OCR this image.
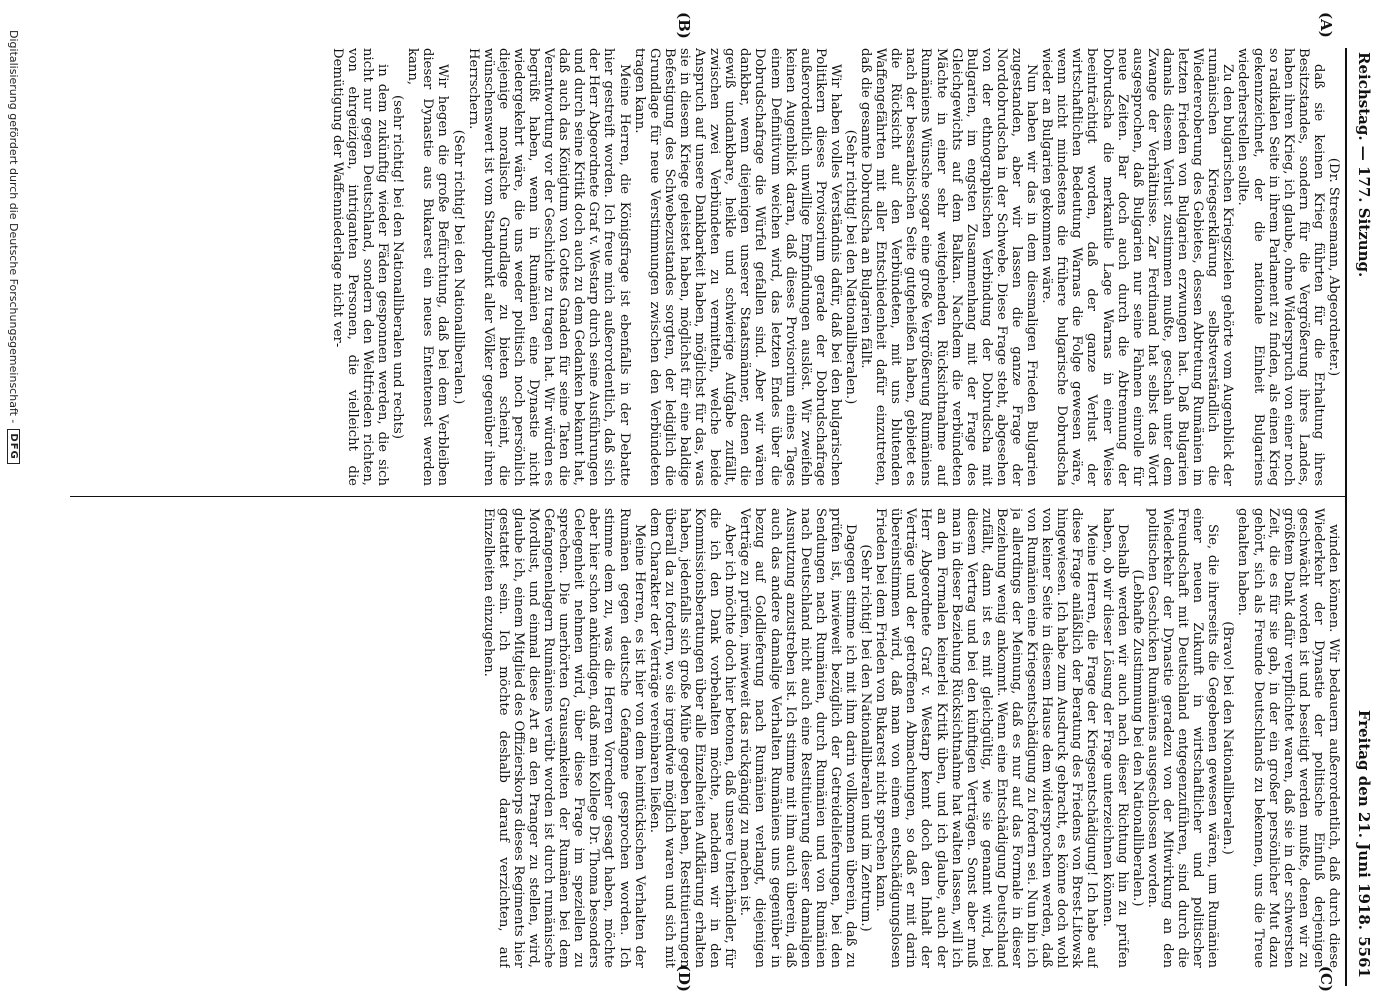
Reichstag. — 177. Sitzung.
Freitag den 21. Juni 1918.
5561
(A)
(B)
(C)
(D)

(Dr. Stresemann, Abgeordneter.)

daß sie keinen Krieg führten für die Erhaltung ihres Besitzstandes, sondern für die Vergrößerung ihres Landes, haben ihren Krieg, ich glaube, ohne Widerspruch von einer noch so radikalen Seite in ihrem Parlament zu finden, als einen Krieg gekennzeichnet, der die nationale Einheit Bulgariens wiederherstellen sollte.

Zu den bulgarischen Kriegszielen gehörte vom Augenblick der rumänischen Kriegserklärung selbstverständlich die Wiedereroberung des Gebietes, dessen Abtretung Rumänien im letzten Frieden von Bulgarien erzwungen hat. Daß Bulgarien damals diesem Verlust zustimmen mußte, geschah unter dem Zwange der Verhältnisse. Zar Ferdinand hat selbst das Wort ausgesprochen, daß Bulgarien nur seine Fahnen einrolle für neue Zeiten. Bar doch auch durch die Abtrennung der Dobrudscha die merkantile Lage Warnas in einer Weise beeinträchtigt worden, daß der ganze Verlust der wirtschaftlichen Bedeutung Warnas die Folge gewesen wäre, wenn nicht mindestens die frühere bulgarische Dobrudscha wieder an Bulgarien gekommen wäre.

Nun haben wir das in dem diesmaligen Frieden Bulgarien zugestanden, aber wir lassen die ganze Frage der Norddobrudscha in der Schwebe. Diese Frage steht, abgesehen von der ethnographischen Verbindung der Dobrudscha mit Bulgarien, im engsten Zusammenhang mit der Frage des Gleichgewichts auf dem Balkan. Nachdem die verbündeten Mächte in einer sehr weitgehenden Rücksichtnahme auf Rumäniens Wünsche sogar eine große Vergrößerung Rumäniens nach der bessarabischen Seite gutgeheißen haben, gebietet es die Rücksicht auf den Verbündeten, mit uns blutenden Waffengefährten mit aller Entschiedenheit dafür einzutreten, daß die gesamte Dobrudscha an Bulgarien fällt.

(Sehr richtig! bei den Nationalliberalen.)

Wir haben volles Verständnis dafür, daß bei den bulgarischen Politikern dieses Provisorium gerade der Dobrudschafrage außerordentlich unwillige Empfindungen auslöst. Wir zweifeln keinen Augenblick daran, daß dieses Provisorium eines Tages einem Definitivum weichen wird, das letzten Endes über die Dobrudschafrage die Würfel gefallen sind. Aber wir wären dankbar, wenn diejenigen unserer Staatsmänner, denen die gewiß undankbare, heikle und schwierige Aufgabe zufällt, zwischen zwei Verbündeten zu vermitteln, welche beide Anspruch auf unsere Dankbarkeit haben, möglichst für das, was sie in diesem Kriege geleistet haben, möglichst für eine baldige Befestigung des Schwebezustandes sorgten, der lediglich die Grundlage für neue Verstimmungen zwischen den Verbündeten tragen kann.

Meine Herren, die Königsfrage ist ebenfalls in der Debatte hier gestreift worden. Ich freue mich außerordentlich, daß sich der Herr Abgeordnete Graf v. Westarp durch seine Ausführungen und durch seine Kritik doch auch zu dem Gedanken bekannt hat, daß auch das Königtum von Gottes Gnaden für seine Taten die Verantwortung vor der Geschichte zu tragen hat. Wir würden es begrüßt haben, wenn in Rumänien eine Dynastie nicht wiedergekehrt wäre, die uns weder politisch noch persönlich diejenige moralische Grundlage zu bieten scheint, die wünschenswert ist vom Standpunkt aller Völker gegenüber ihren Herrschern.

(Sehr richtig! bei den Nationalliberalen.)

Wir hegen die große Befürchtung, daß bei dem Verbleiben dieser Dynastie aus Bukarest ein neues Ententenest werden kann,

(sehr richtig! bei den Nationalliberalen und rechts)

in dem zukünftig wieder Fäden gesponnen werden, die sich nicht nur gegen Deutschland, sondern den Weltfrieden richten, von ehrgeizigen, intriganten Personen, die vielleicht die Demütigung der Waffenniederlage nicht ver-

winden können. Wir bedauern außerordentlich, daß durch diese Wiederkehr der Dynastie der politische Einfluß derjenigen geschwächt worden ist und beseitigt werden mußte, denen wir zu größtem Dank dafür verpflichtet waren, daß sie in der schwersten Zeit, die es für sie gab, in der ein großer persönlicher Mut dazu gehört, sich als Freunde Deutschlands zu bekennen, uns die Treue gehalten haben.

(Bravo! bei den Nationalliberalen.)

Sie, die ihrerseits die Gegebenen gewesen wären, um Rumänien einer neuen Zukunft in wirtschaftlicher und politischer Freundschaft mit Deutschland entgegenzuführen, sind durch die Wiederkehr der Dynastie geradezu von der Mitwirkung an den politischen Geschicken Rumäniens ausgeschlossen worden.

(Lebhafte Zustimmung bei den Nationalliberalen.)

Deshalb werden wir auch nach dieser Richtung hin zu prüfen haben, ob wir dieser Lösung der Frage unterzeichnen können.

Meine Herren, die Frage der Kriegsentschädigung! Ich habe auf diese Frage anläßlich der Beratung des Friedens von Brest-Litowsk hingewiesen. Ich habe zum Ausdruck gebracht, es könne doch wohl von keiner Seite in diesem Hause dem widersprochen werden, daß von Rumänien eine Kriegsentschädigung zu fordern sei. Nun bin ich ja allerdings der Meinung, daß es nur auf das Formale in dieser Beziehung wenig ankommt. Wenn eine Entschädigung Deutschland zufällt, dann ist es mit gleichgültig, wie sie genannt wird, bei diesem Vertrag und bei den künftigen Verträgen. Sonst aber muß man in dieser Beziehung Rücksichtnahme hat walten lassen, will ich an dem Formalen keinerlei Kritik üben, und ich glaube, auch der Herr Abgeordnete Graf v. Westarp kennt doch den Inhalt der Verträge und der getroffenen Abmachungen, so daß er mit darin übereinstimmen wird, daß man von einem entschädigungslosen Frieden bei dem Frieden von Bukarest nicht sprechen kann.

(Sehr richtig! bei den Nationalliberalen und im Zentrum.)

Dagegen stimme ich mit ihm darin vollkommen überein, daß zu prüfen ist, inwieweit bezüglich der Getreidelieferungen, bei den Sendungen nach Rumänien, durch Rumänien und von Rumänien nach Deutschland nicht auch eine Restituierung dieser damaligen Ausnutzung anzustreben ist. Ich stimme mit ihm auch überein, daß auch das andere damalige Verhalten Rumäniens uns gegenüber in bezug auf Goldlieferung nach Rumänien verlangt, diejenigen Verträge zu prüfen, inwieweit das rückgängig zu machen ist.

Aber ich möchte doch hier betonen, daß unsere Unterhändler, für die ich den Dank vorbehalten möchte, nachdem wir in den Kommissionsberatungen über alle Einzelheiten Aufklärung erhalten haben, jedenfalls sich große Mühe gegeben haben, Restituierungen überall da zu fordern, wo sie irgendwie möglich waren und sich mit dem Charakter der Verträge vereinbaren ließen.

Meine Herren, es ist hier von dem heimtückischen Verhalten der Rumänen gegen deutsche Gefangene gesprochen worden. Ich stimme dem zu, was die Herren Vorredner gesagt haben, möchte aber hier schon ankündigen, daß mein Kollege Dr. Thoma besonders Gelegenheit nehmen wird, über diese Frage im speziellen zu sprechen. Die unerhörten Grausamkeiten der Rumänen bei dem Gefangenenlagern Rumäniens verübt worden ist durch rumänische Mordlust, und einmal diese Art an den Pranger zu stellen, wird, glaube ich, einem Mitglied des Offizierskorps dieses Regiments hier gestattet sein. Ich möchte deshalb darauf verzichten, auf Einzelheiten einzugehen.

Digitalisierung gefördert durch die Deutsche Forschungsgemeinschaft -
DFG
